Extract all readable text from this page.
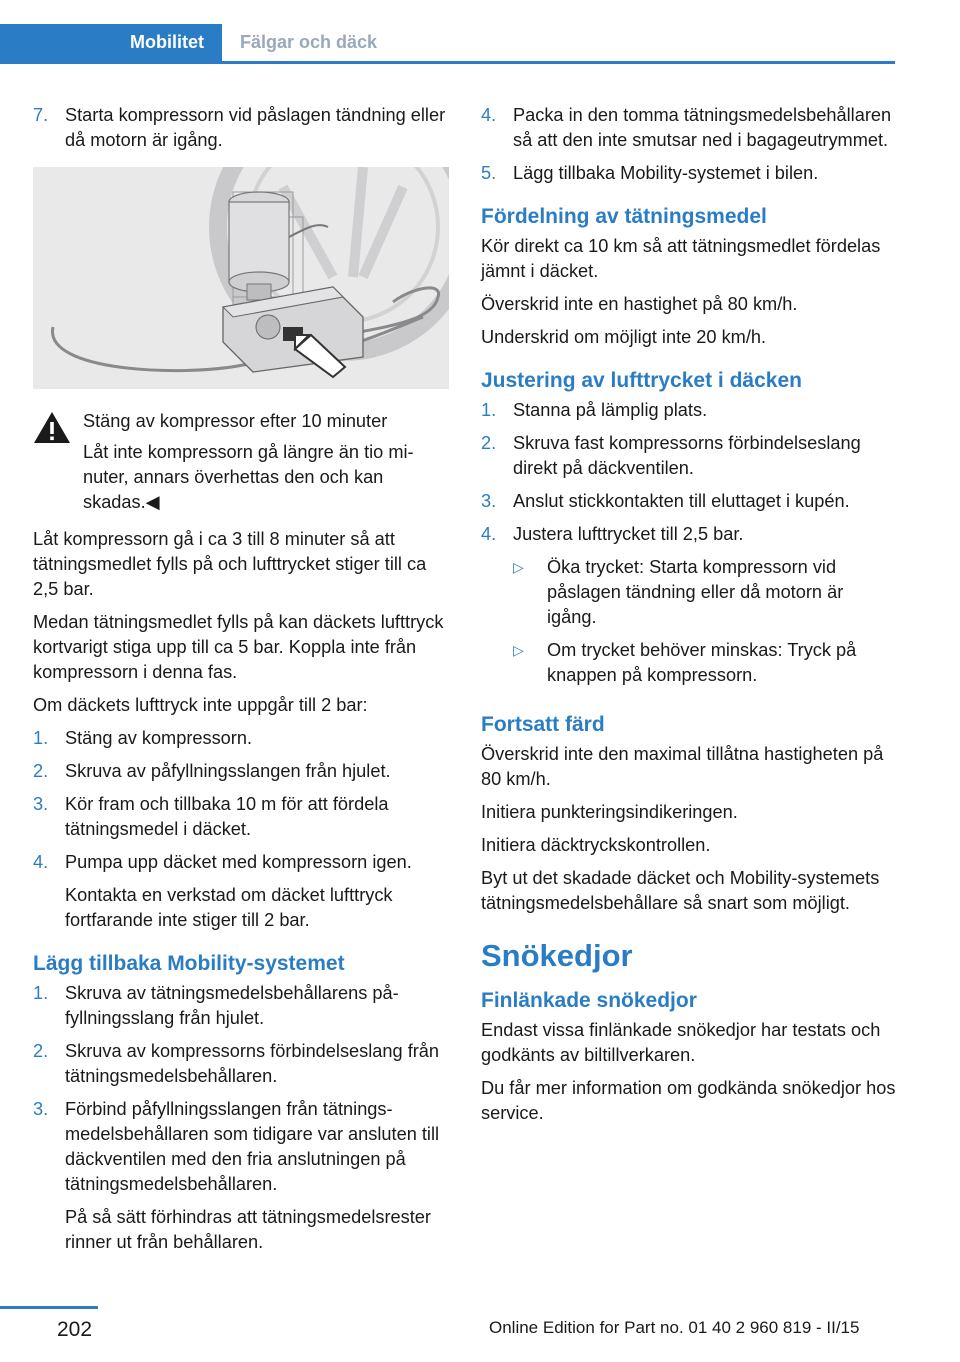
Mobilitet	Fälgar och däck
7. Starta kompressorn vid påslagen tändning eller då motorn är igång.
Stäng av kompressor efter 10 minuter
Låt inte kompressorn gå längre än tio minuter, annars överhettas den och kan skadas.◀

Låt kompressorn gå i ca 3 till 8 minuter så att tätningsmedlet fylls på och lufttrycket stiger till ca 2,5 bar.

Medan tätningsmedlet fylls på kan däckets lufttryck kortvarigt stiga upp till ca 5 bar. Koppla inte från kompressorn i denna fas.

Om däckets lufttryck inte uppgår till 2 bar:

1. Stäng av kompressorn.
2. Skruva av påfyllningsslangen från hjulet.
3. Kör fram och tillbaka 10 m för att fördela tätningsmedel i däcket.
4. Pumpa upp däcket med kompressorn igen.
Kontakta en verkstad om däcket lufttryck fortfarande inte stiger till 2 bar.
Lägg tillbaka Mobility-systemet
1. Skruva av tätningsmedelsbehållarens påfyllningsslang från hjulet.
2. Skruva av kompressorns förbindelseslang från tätningsmedelsbehållaren.
3. Förbind påfyllningsslangen från tätningsmedelsbehållaren som tidigare var ansluten till däckventilen med den fria anslutningen på tätningsmedelsbehållaren.
På så sätt förhindras att tätningsmedelsrester rinner ut från behållaren.
4. Packa in den tomma tätningsmedelsbehållaren så att den inte smutsar ned i bagageutrymmet.
5. Lägg tillbaka Mobility-systemet i bilen.
Fördelning av tätningsmedel

Kör direkt ca 10 km så att tätningsmedlet fördelas jämnt i däcket.

Överskrid inte en hastighet på 80 km/h.

Underskrid om möjligt inte 20 km/h.

Justering av lufttrycket i däcken
1. Stanna på lämplig plats.
2. Skruva fast kompressorns förbindelseslang direkt på däckventilen.
3. Anslut stickkontakten till eluttaget i kupén.
4. Justera lufttrycket till 2,5 bar.
▷ Öka trycket: Starta kompressorn vid påslagen tändning eller då motorn är igång.
▷ Om trycket behöver minskas: Tryck på knappen på kompressorn.
Fortsatt färd

Överskrid inte den maximal tillåtna hastigheten på 80 km/h.

Initiera punkteringsindikeringen.

Initiera däcktryckskontrollen.

Byt ut det skadade däcket och Mobility-systemets tätningsmedelsbehållare så snart som möjligt.

Snökedjor
Finlänkade snökedjor

Endast vissa finlänkade snökedjor har testats och godkänts av biltillverkaren.

Du får mer information om godkända snökedjor hos service.

202	Online Edition for Part no. 01 40 2 960 819 - II/15
